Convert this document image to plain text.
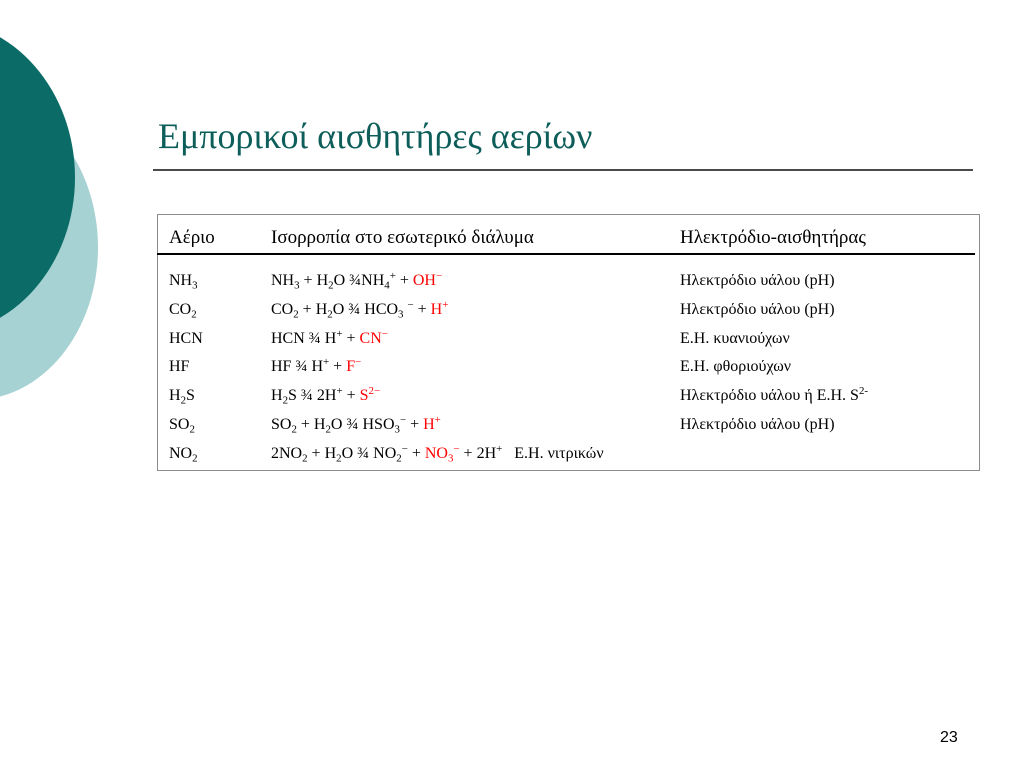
Εμπορικοί αισθητήρες αερίων
Αέριο	Ισορροπία στο εσωτερικό διάλυμα	Ηλεκτρόδιο-αισθητήρας
$NH_3$	$NH_3 + H_2O$ $\frac{3}{4}NH_4^+ + OH^-$	Ηλεκτρόδιο υάλου (pH)
$CO_2$	$CO_2 + H_2O$ ¾ $HCO_3$ − + H+	Ηλεκτρόδιο υάλου (pH)
HCN	HCN ¾ H+ + CN−	Ε.Η. κυανιούχων
HF	HF ¾ H+ + F−	Ε.Η. φθοριούχων
$H_2S$	$H_2S$ ¾ $2H^+ + S^{2-}$	Ηλεκτρόδιο υάλου ή Ε.Η. $S^{2-}$
$SO_2$	$SO_2 + H_2O$ ¾ $HSO_3^- + H^+$	Ηλεκτρόδιο υάλου (pH)
$NO_2$	$2NO_2 + H_2O$ ¾ $NO_2^- + NO_3^- + 2H^+$ Ε.Η. νιτρικών
23
